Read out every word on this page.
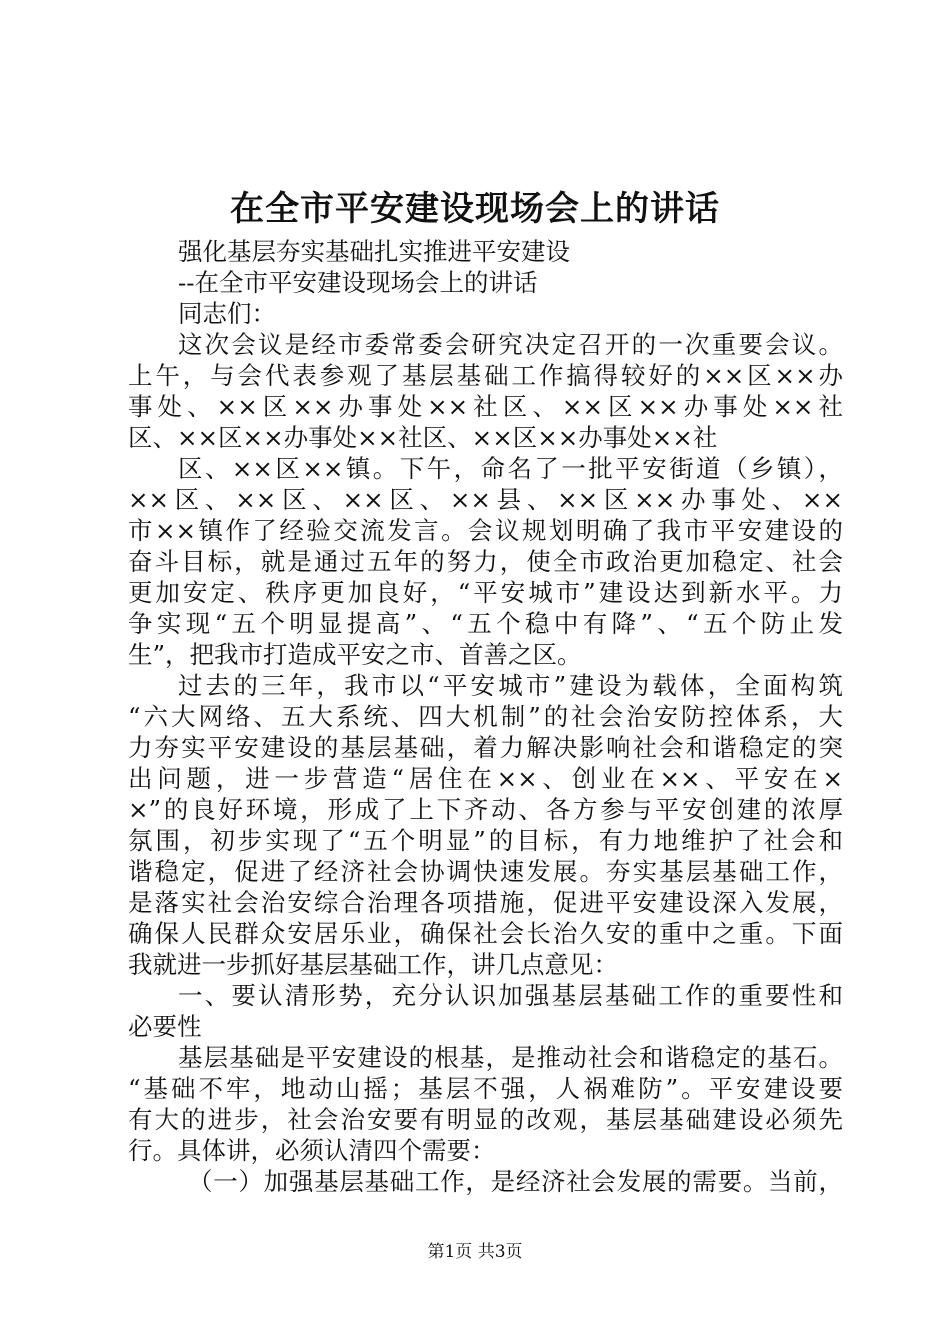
在全市平安建设现场会上的讲话
强化基层夯实基础扎实推进平安建设
--在全市平安建设现场会上的讲话
同志们：
这次会议是经市委常委会研究决定召开的一次重要会议。
上午，与会代表参观了基层基础工作搞得较好的××区××办
事处、××区××办事处××社区、××区××办事处××社
区、××区××办事处××社区、××区××办事处××社
区、××区××镇。下午，命名了一批平安街道（乡镇），
××区、××区、××区、××县、××区××办事处、××
市××镇作了经验交流发言。会议规划明确了我市平安建设的
奋斗目标，就是通过五年的努力，使全市政治更加稳定、社会
更加安定、秩序更加良好，“平安城市”建设达到新水平。力
争实现“五个明显提高”、“五个稳中有降”、“五个防止发
生”，把我市打造成平安之市、首善之区。
过去的三年，我市以“平安城市”建设为载体，全面构筑
“六大网络、五大系统、四大机制”的社会治安防控体系，大
力夯实平安建设的基层基础，着力解决影响社会和谐稳定的突
出问题，进一步营造“居住在××、创业在××、平安在×
×”的良好环境，形成了上下齐动、各方参与平安创建的浓厚
氛围，初步实现了“五个明显”的目标，有力地维护了社会和
谐稳定，促进了经济社会协调快速发展。夯实基层基础工作，
是落实社会治安综合治理各项措施，促进平安建设深入发展，
确保人民群众安居乐业，确保社会长治久安的重中之重。下面
我就进一步抓好基层基础工作，讲几点意见：
一、要认清形势，充分认识加强基层基础工作的重要性和
必要性
基层基础是平安建设的根基，是推动社会和谐稳定的基石。
“基础不牢，地动山摇；基层不强，人祸难防”。平安建设要
有大的进步，社会治安要有明显的改观，基层基础建设必须先
行。具体讲，必须认清四个需要：
（一）加强基层基础工作，是经济社会发展的需要。当前，
第1页 共3页
